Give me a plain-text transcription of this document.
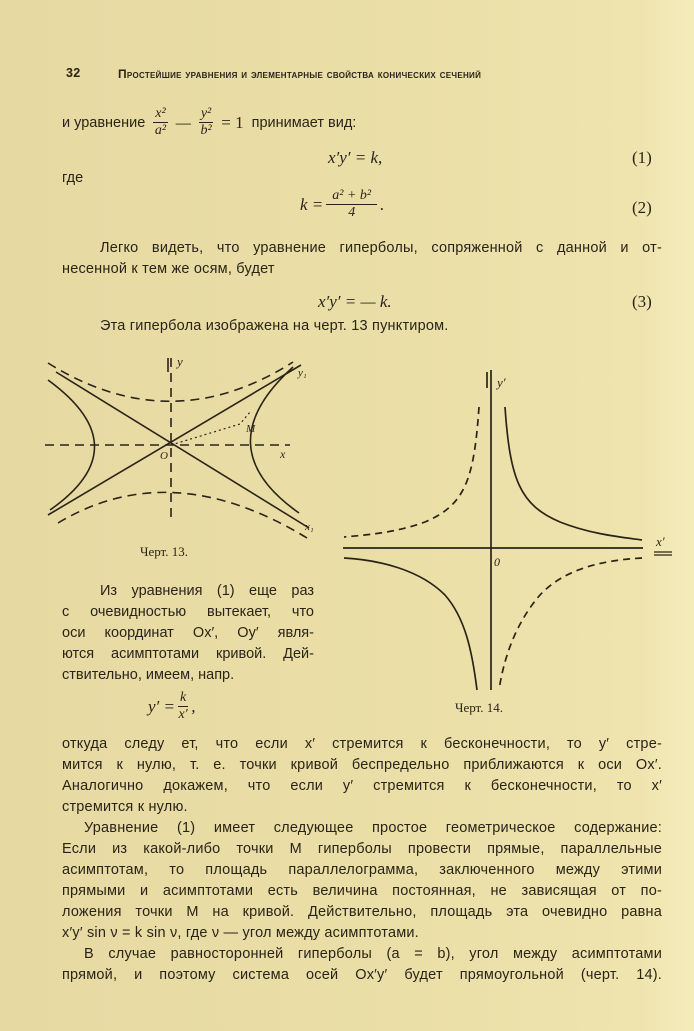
32	Простейшие уравнения и элементарные свойства конических сечений
и уравнение $\frac{\text{x²}}{\text{a²}}$ — $\frac{\text{y²}}{\text{b²}} = 1$ принимает вид:
x′y′ = k,	(1)
где
$k = \frac{\text{a² + b²}}{4}$ .	(2)
Легко видеть, что уравнение гиперболы, сопряженной с данной и от-
несенной к тем же осям, будет
x′y′ = — k.	(3)
Эта гипербола изображена на черт. 13 пунктиром.
y
y₁
x
x₁
M
O
y′
x′
0
Черт. 13.
Черт. 14.
Из уравнения (1) еще раз
с очевидностью вытекает, что
оси координат Ox′, Oy′ явля-
ются асимптотами кривой. Дей-
ствительно, имеем, напр.
$y' = \frac{k}{x'}$ ,
откуда следу ет, что если x′ стремится к бесконечности, то y′ стре-
мится к нулю, т. е. точки кривой беспредельно приближаются к оси Ox′.
Аналогично докажем, что если y′ стремится к бесконечности, то x′
стремится к нулю.
Уравнение (1) имеет следующее простое геометрическое содержание:
Если из какой-либо точки M гиперболы провести прямые, параллельные
асимптотам, то площадь параллелограмма, заключенного между этими
прямыми и асимптотами есть величина постоянная, не зависящая от по-
ложения точки M на кривой. Действительно, площадь эта очевидно равна
x′y′ sin ν = k sin ν, где ν — угол между асимптотами.
В случае равносторонней гиперболы (a = b), угол между асимптотами
прямой, и поэтому система осей Ox′y′ будет прямоугольной (черт. 14).
